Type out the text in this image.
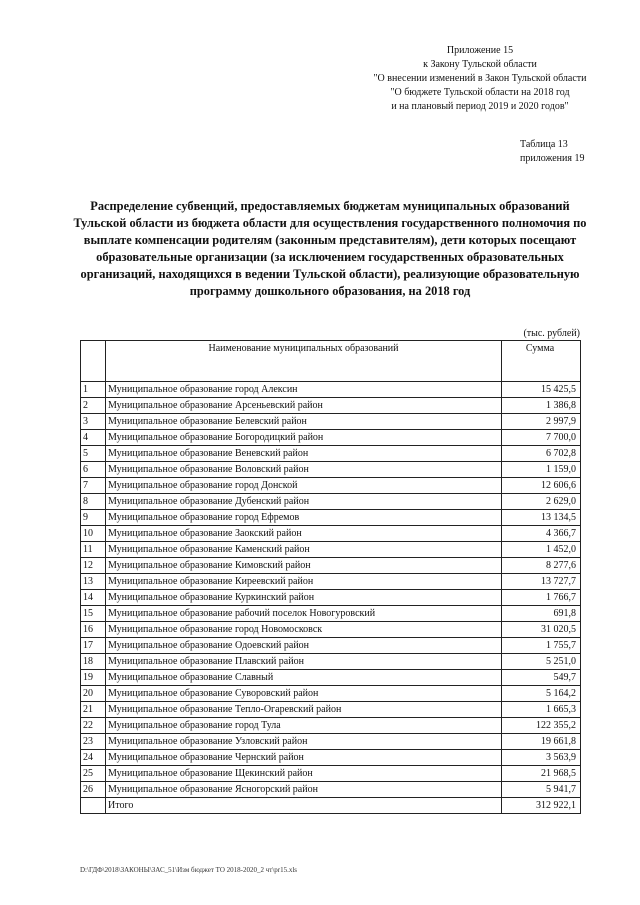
Приложение 15
к Закону Тульской области
"О внесении изменений в Закон Тульской области
"О бюджете Тульской области на 2018 год
и на плановый период 2019 и 2020 годов"
Таблица 13
приложения 19
Распределение субвенций, предоставляемых бюджетам муниципальных образований Тульской области из бюджета области для осуществления государственного полномочия по выплате компенсации родителям (законным представителям), дети которых посещают образовательные организации (за исключением государственных образовательных организаций, находящихся в ведении Тульской области), реализующие образовательную программу дошкольного образования, на 2018 год
(тыс. рублей)
	Наименование муниципальных образований	Сумма
1	Муниципальное образование город Алексин	15 425,5
2	Муниципальное образование Арсеньевский район	1 386,8
3	Муниципальное образование Белевский район	2 997,9
4	Муниципальное образование Богородицкий район	7 700,0
5	Муниципальное образование Веневский район	6 702,8
6	Муниципальное образование Воловский район	1 159,0
7	Муниципальное образование город Донской	12 606,6
8	Муниципальное образование Дубенский район	2 629,0
9	Муниципальное образование город Ефремов	13 134,5
10	Муниципальное образование Заокский район	4 366,7
11	Муниципальное образование Каменский район	1 452,0
12	Муниципальное образование Кимовский район	8 277,6
13	Муниципальное образование Киреевский район	13 727,7
14	Муниципальное образование Куркинский район	1 766,7
15	Муниципальное образование рабочий поселок Новогуровский	691,8
16	Муниципальное образование город Новомосковск	31 020,5
17	Муниципальное образование Одоевский район	1 755,7
18	Муниципальное образование Плавский район	5 251,0
19	Муниципальное образование Славный	549,7
20	Муниципальное образование Суворовский район	5 164,2
21	Муниципальное образование Тепло-Огаревский район	1 665,3
22	Муниципальное образование город Тула	122 355,2
23	Муниципальное образование Узловский район	19 661,8
24	Муниципальное образование Чернский район	3 563,9
25	Муниципальное образование Щекинский район	21 968,5
26	Муниципальное образование Ясногорский район	5 941,7
	Итого	312 922,1
D:\ГДФ\2018\ЗАКОНЫ\ЗАС_51\Изм бюджет ТО 2018-2020_2 чт\pr15.xls
